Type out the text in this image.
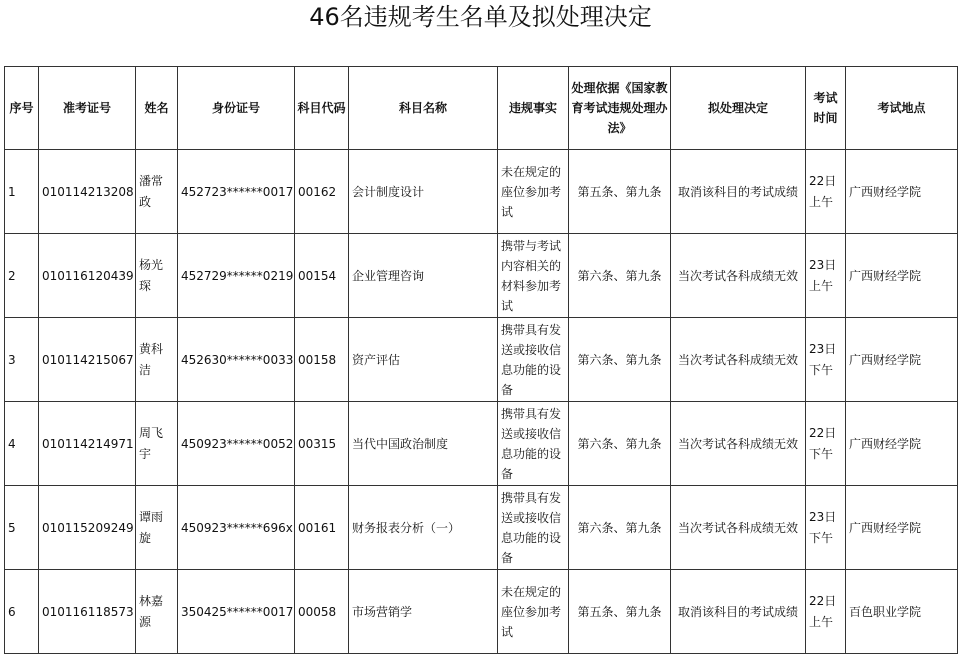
46名违规考生名单及拟处理决定
序号	准考证号	姓名	身份证号	科目代码	科目名称	违规事实	处理依据《国家教育考试违规处理办法》	拟处理决定	考试时间	考试地点
1	010114213208	潘常政	452723******0017	00162	会计制度设计	未在规定的座位参加考试	第五条、第九条	取消该科目的考试成绩	22日上午	广西财经学院
2	010116120439	杨光琛	452729******0219	00154	企业管理咨询	携带与考试内容相关的材料参加考试	第六条、第九条	当次考试各科成绩无效	23日上午	广西财经学院
3	010114215067	黄科洁	452630******0033	00158	资产评估	携带具有发送或接收信息功能的设备	第六条、第九条	当次考试各科成绩无效	23日下午	广西财经学院
4	010114214971	周飞宇	450923******0052	00315	当代中国政治制度	携带具有发送或接收信息功能的设备	第六条、第九条	当次考试各科成绩无效	22日下午	广西财经学院
5	010115209249	谭雨旋	450923******696x	00161	财务报表分析（一）	携带具有发送或接收信息功能的设备	第六条、第九条	当次考试各科成绩无效	23日下午	广西财经学院
6	010116118573	林嘉源	350425******0017	00058	市场营销学	未在规定的座位参加考试	第五条、第九条	取消该科目的考试成绩	22日上午	百色职业学院
